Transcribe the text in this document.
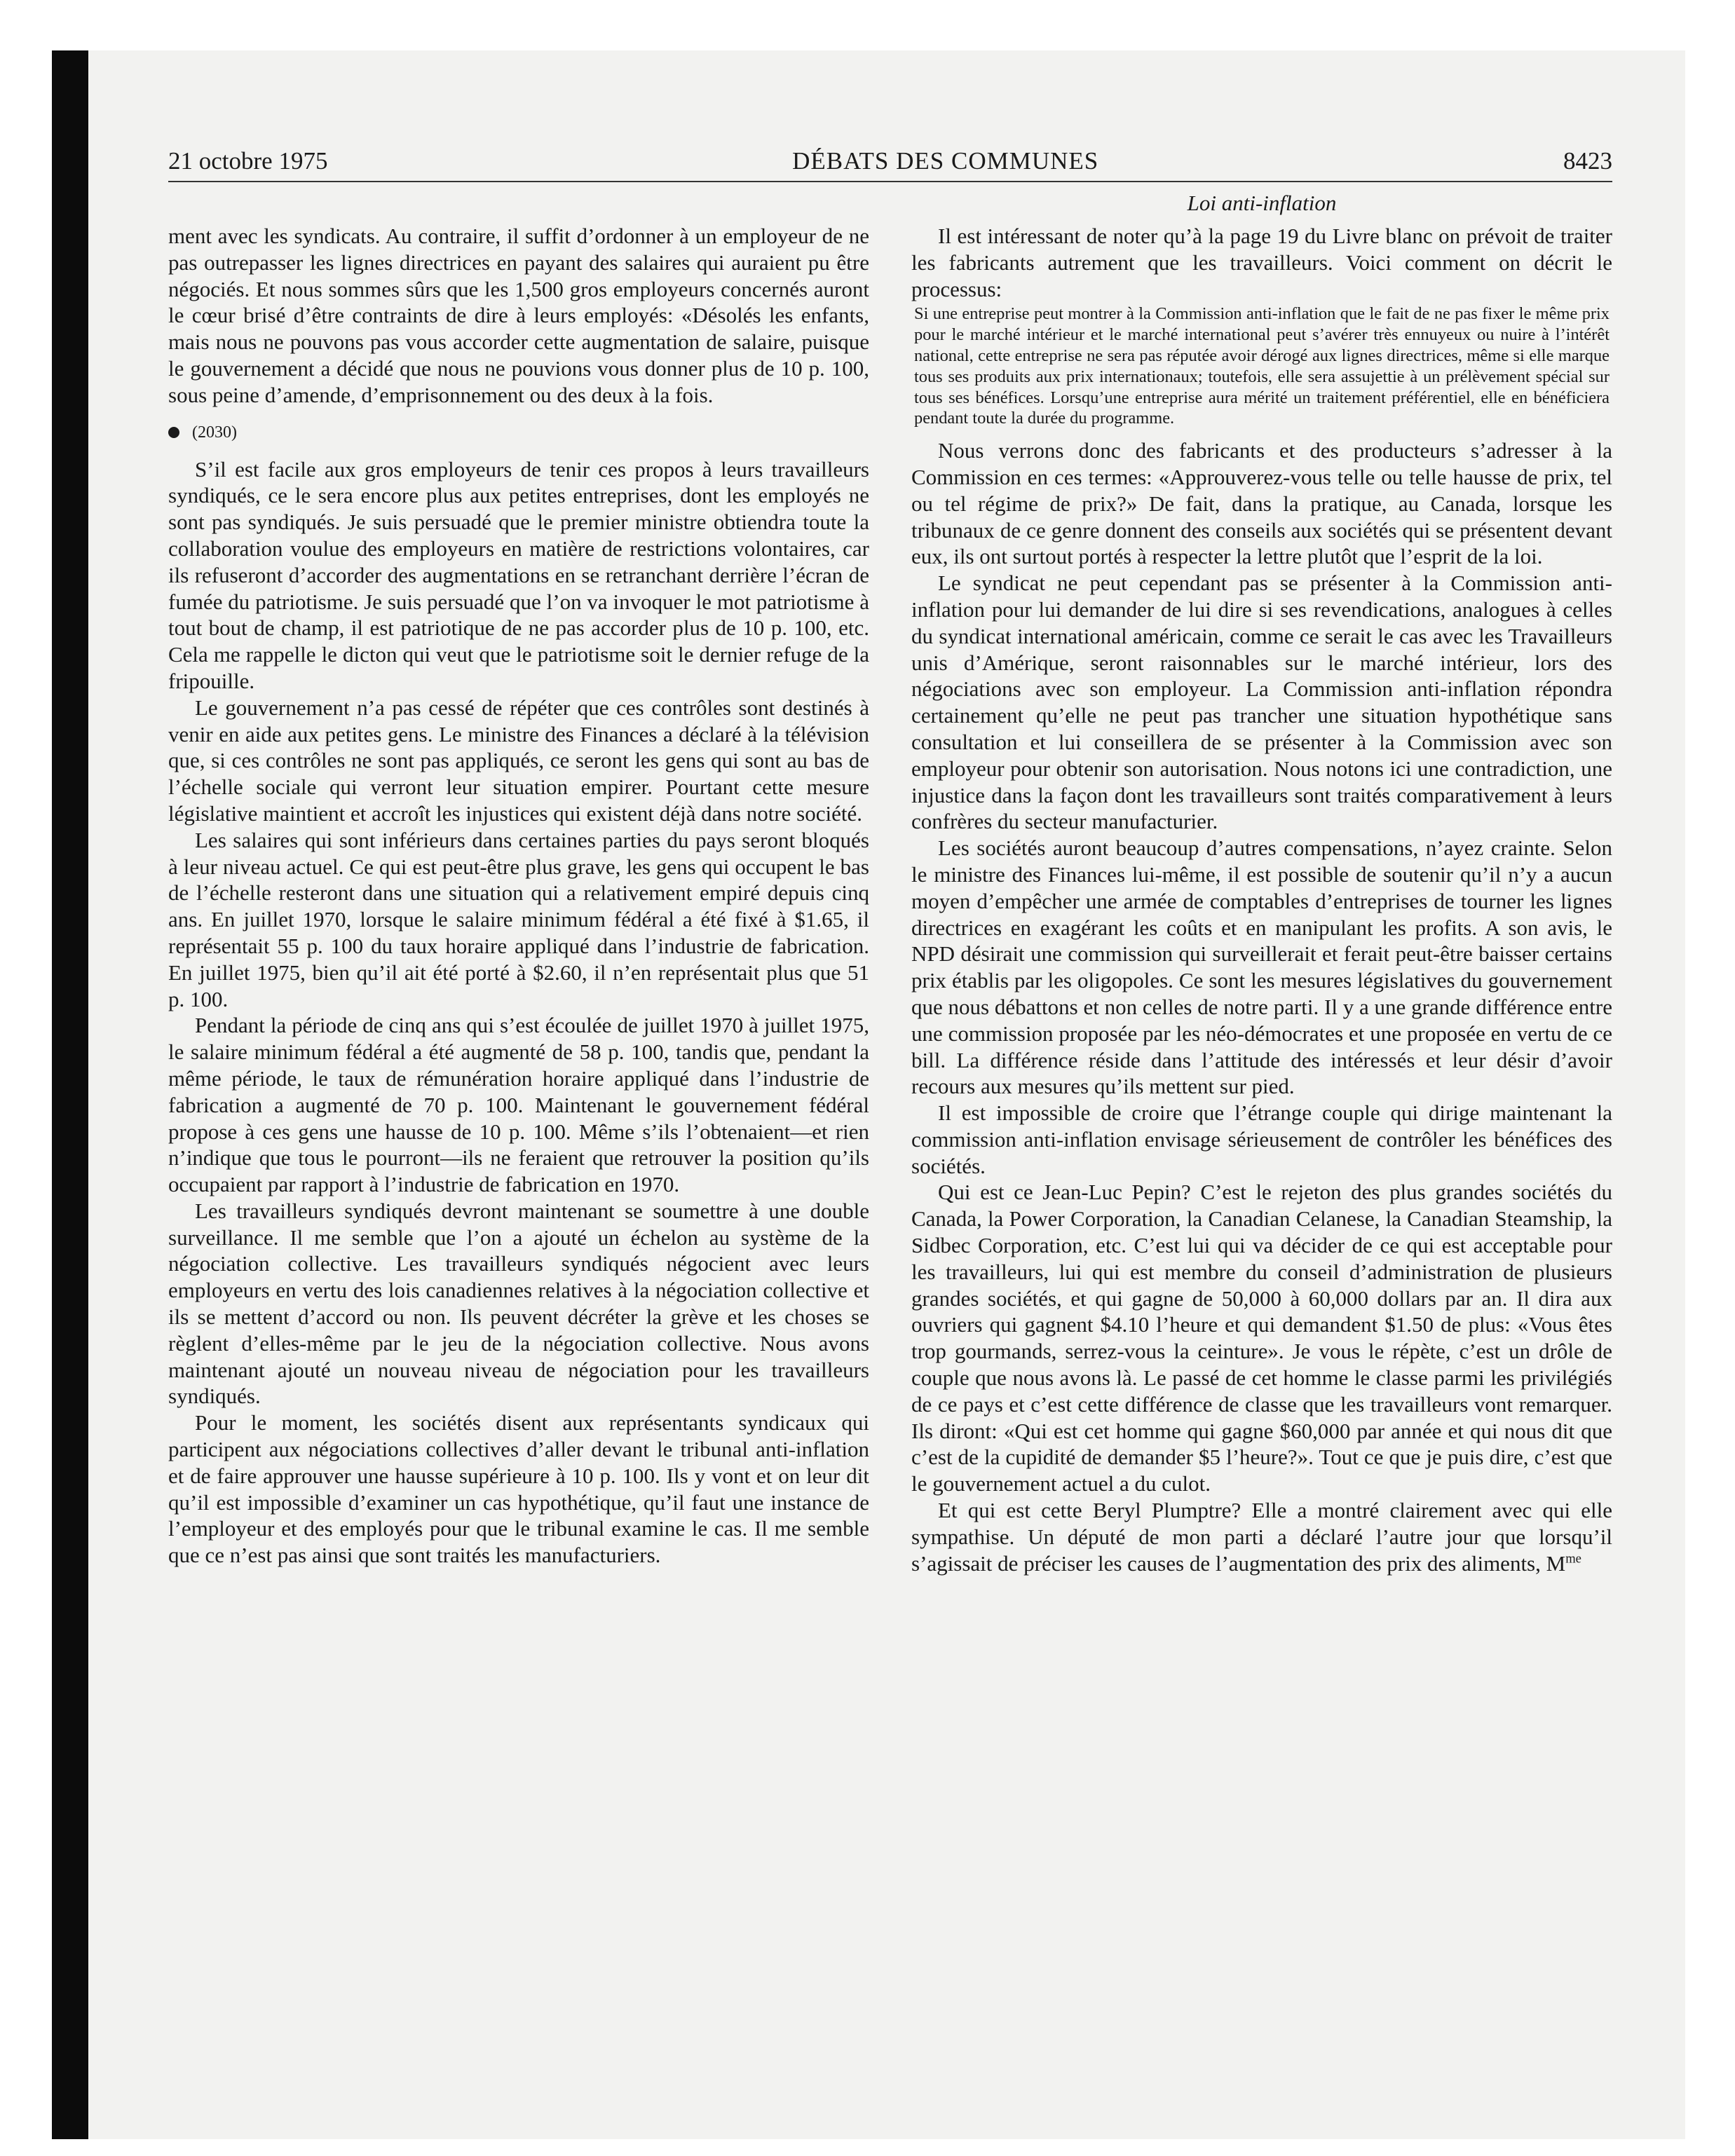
21 octobre 1975	DÉBATS DES COMMUNES	8423

ment avec les syndicats. Au contraire, il suffit d’ordonner à un employeur de ne pas outrepasser les lignes directrices en payant des salaires qui auraient pu être négociés. Et nous sommes sûrs que les 1,500 gros employeurs concernés auront le cœur brisé d’être contraints de dire à leurs employés: «Désolés les enfants, mais nous ne pouvons pas vous accorder cette augmentation de salaire, puisque le gouvernement a décidé que nous ne pouvions vous donner plus de 10 p. 100, sous peine d’amende, d’emprisonnement ou des deux à la fois.

(2030)

S’il est facile aux gros employeurs de tenir ces propos à leurs travailleurs syndiqués, ce le sera encore plus aux petites entreprises, dont les employés ne sont pas syndiqués. Je suis persuadé que le premier ministre obtiendra toute la collaboration voulue des employeurs en matière de restrictions volontaires, car ils refuseront d’accorder des augmentations en se retranchant derrière l’écran de fumée du patriotisme. Je suis persuadé que l’on va invoquer le mot patriotisme à tout bout de champ, il est patriotique de ne pas accorder plus de 10 p. 100, etc. Cela me rappelle le dicton qui veut que le patriotisme soit le dernier refuge de la fripouille.

Le gouvernement n’a pas cessé de répéter que ces contrôles sont destinés à venir en aide aux petites gens. Le ministre des Finances a déclaré à la télévision que, si ces contrôles ne sont pas appliqués, ce seront les gens qui sont au bas de l’échelle sociale qui verront leur situation empirer. Pourtant cette mesure législative maintient et accroît les injustices qui existent déjà dans notre société.

Les salaires qui sont inférieurs dans certaines parties du pays seront bloqués à leur niveau actuel. Ce qui est peut-être plus grave, les gens qui occupent le bas de l’échelle resteront dans une situation qui a relativement empiré depuis cinq ans. En juillet 1970, lorsque le salaire minimum fédéral a été fixé à $1.65, il représentait 55 p. 100 du taux horaire appliqué dans l’industrie de fabrication. En juillet 1975, bien qu’il ait été porté à $2.60, il n’en représentait plus que 51 p. 100.

Pendant la période de cinq ans qui s’est écoulée de juillet 1970 à juillet 1975, le salaire minimum fédéral a été augmenté de 58 p. 100, tandis que, pendant la même période, le taux de rémunération horaire appliqué dans l’industrie de fabrication a augmenté de 70 p. 100. Maintenant le gouvernement fédéral propose à ces gens une hausse de 10 p. 100. Même s’ils l’obtenaient—et rien n’indique que tous le pourront—ils ne feraient que retrouver la position qu’ils occupaient par rapport à l’industrie de fabrication en 1970.

Les travailleurs syndiqués devront maintenant se soumettre à une double surveillance. Il me semble que l’on a ajouté un échelon au système de la négociation collective. Les travailleurs syndiqués négocient avec leurs employeurs en vertu des lois canadiennes relatives à la négociation collective et ils se mettent d’accord ou non. Ils peuvent décréter la grève et les choses se règlent d’elles-même par le jeu de la négociation collective. Nous avons maintenant ajouté un nouveau niveau de négociation pour les travailleurs syndiqués.

Pour le moment, les sociétés disent aux représentants syndicaux qui participent aux négociations collectives d’aller devant le tribunal anti-inflation et de faire approuver une hausse supérieure à 10 p. 100. Ils y vont et on leur dit qu’il est impossible d’examiner un cas hypothétique, qu’il faut une instance de l’employeur et des employés pour que le tribunal examine le cas. Il me semble que ce n’est pas ainsi que sont traités les manufacturiers.

Loi anti-inflation

Il est intéressant de noter qu’à la page 19 du Livre blanc on prévoit de traiter les fabricants autrement que les travailleurs. Voici comment on décrit le processus:

Si une entreprise peut montrer à la Commission anti-inflation que le fait de ne pas fixer le même prix pour le marché intérieur et le marché international peut s’avérer très ennuyeux ou nuire à l’intérêt national, cette entreprise ne sera pas réputée avoir dérogé aux lignes directrices, même si elle marque tous ses produits aux prix internationaux; toutefois, elle sera assujettie à un prélèvement spécial sur tous ses bénéfices. Lorsqu’une entreprise aura mérité un traitement préférentiel, elle en bénéficiera pendant toute la durée du programme.

Nous verrons donc des fabricants et des producteurs s’adresser à la Commission en ces termes: «Approuverez-vous telle ou telle hausse de prix, tel ou tel régime de prix?» De fait, dans la pratique, au Canada, lorsque les tribunaux de ce genre donnent des conseils aux sociétés qui se présentent devant eux, ils ont surtout portés à respecter la lettre plutôt que l’esprit de la loi.

Le syndicat ne peut cependant pas se présenter à la Commission anti-inflation pour lui demander de lui dire si ses revendications, analogues à celles du syndicat international américain, comme ce serait le cas avec les Travailleurs unis d’Amérique, seront raisonnables sur le marché intérieur, lors des négociations avec son employeur. La Commission anti-inflation répondra certainement qu’elle ne peut pas trancher une situation hypothétique sans consultation et lui conseillera de se présenter à la Commission avec son employeur pour obtenir son autorisation. Nous notons ici une contradiction, une injustice dans la façon dont les travailleurs sont traités comparativement à leurs confrères du secteur manufacturier.

Les sociétés auront beaucoup d’autres compensations, n’ayez crainte. Selon le ministre des Finances lui-même, il est possible de soutenir qu’il n’y a aucun moyen d’empêcher une armée de comptables d’entreprises de tourner les lignes directrices en exagérant les coûts et en manipulant les profits. A son avis, le NPD désirait une commission qui surveillerait et ferait peut-être baisser certains prix établis par les oligopoles. Ce sont les mesures législatives du gouvernement que nous débattons et non celles de notre parti. Il y a une grande différence entre une commission proposée par les néo-démocrates et une proposée en vertu de ce bill. La différence réside dans l’attitude des intéressés et leur désir d’avoir recours aux mesures qu’ils mettent sur pied.

Il est impossible de croire que l’étrange couple qui dirige maintenant la commission anti-inflation envisage sérieusement de contrôler les bénéfices des sociétés.

Qui est ce Jean-Luc Pepin? C’est le rejeton des plus grandes sociétés du Canada, la Power Corporation, la Canadian Celanese, la Canadian Steamship, la Sidbec Corporation, etc. C’est lui qui va décider de ce qui est acceptable pour les travailleurs, lui qui est membre du conseil d’administration de plusieurs grandes sociétés, et qui gagne de 50,000 à 60,000 dollars par an. Il dira aux ouvriers qui gagnent $4.10 l’heure et qui demandent $1.50 de plus: «Vous êtes trop gourmands, serrez-vous la ceinture». Je vous le répète, c’est un drôle de couple que nous avons là. Le passé de cet homme le classe parmi les privilégiés de ce pays et c’est cette différence de classe que les travailleurs vont remarquer. Ils diront: «Qui est cet homme qui gagne $60,000 par année et qui nous dit que c’est de la cupidité de demander $5 l’heure?». Tout ce que je puis dire, c’est que le gouvernement actuel a du culot.

Et qui est cette Beryl Plumptre? Elle a montré clairement avec qui elle sympathise. Un député de mon parti a déclaré l’autre jour que lorsqu’il s’agissait de préciser les causes de l’augmentation des prix des aliments, $M^{me}$
